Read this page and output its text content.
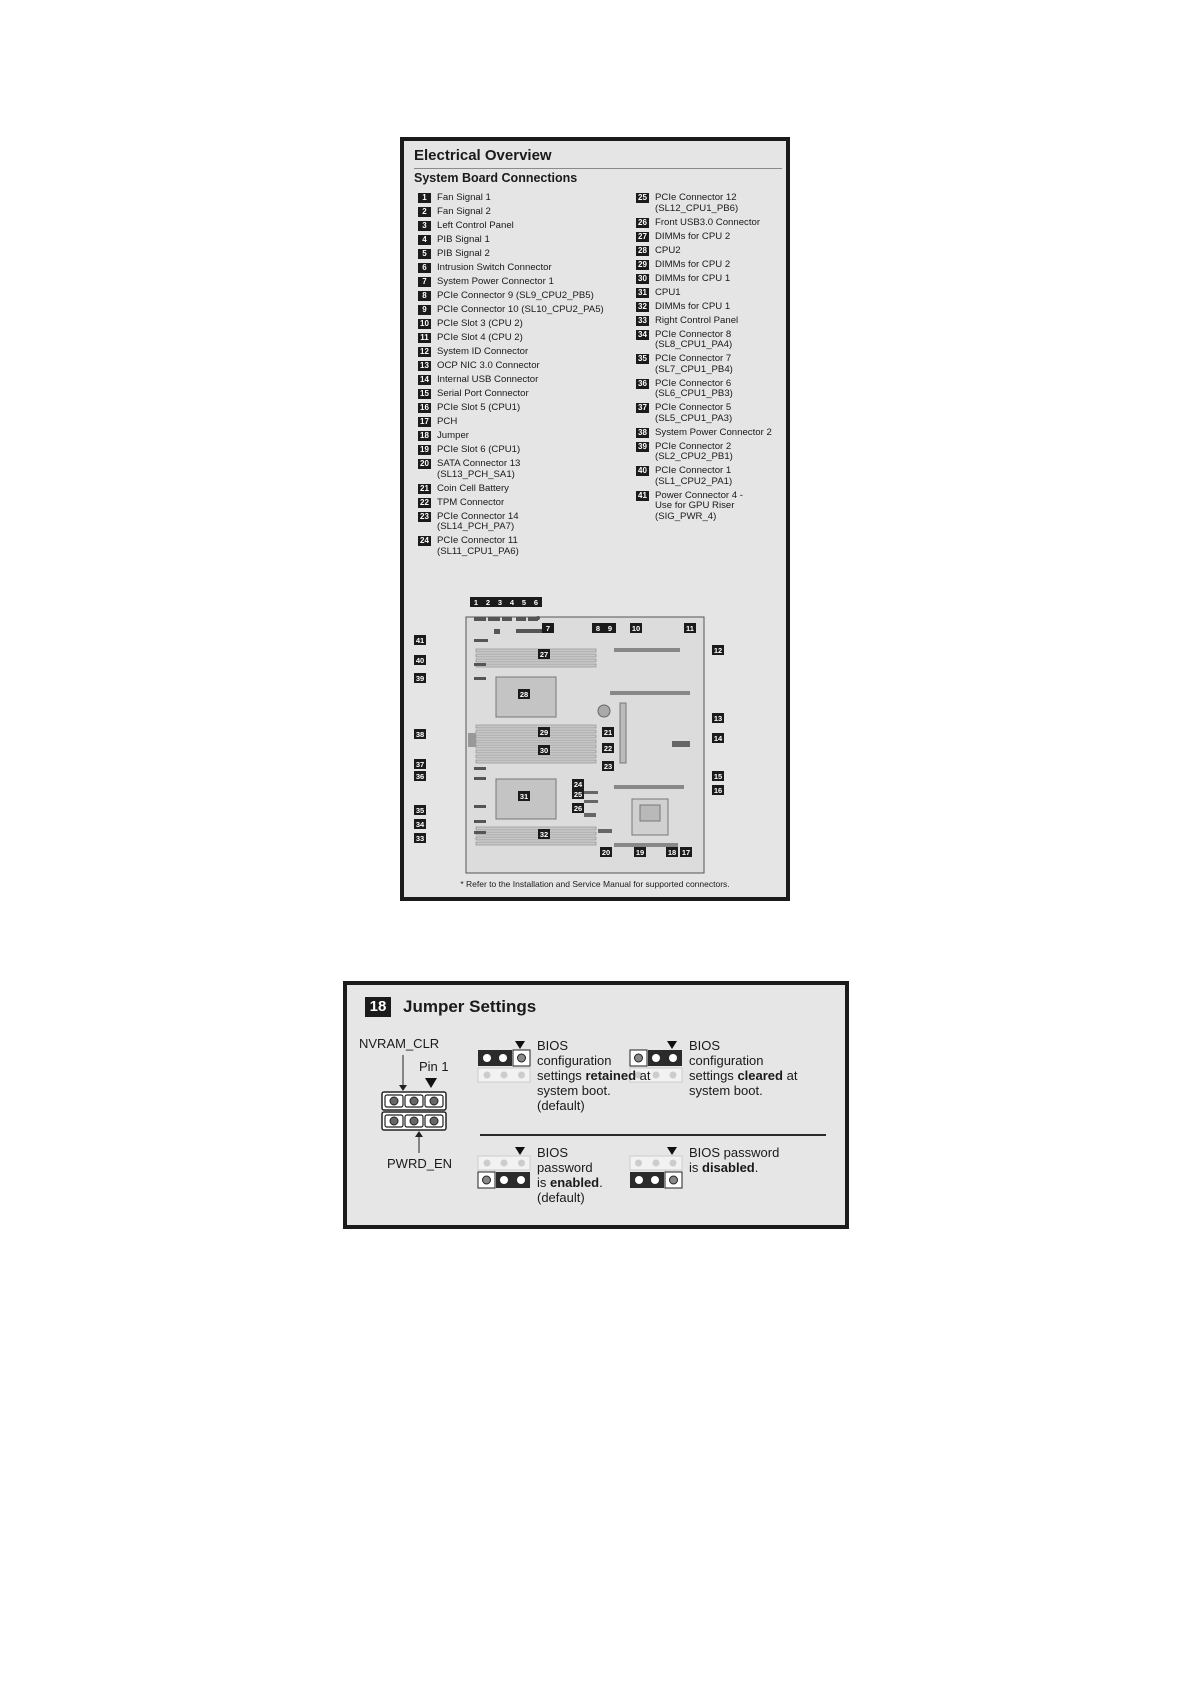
Electrical Overview
System Board Connections
1	Fan Signal 1
2	Fan Signal 2
3	Left Control Panel
4	PIB Signal 1
5	PIB Signal 2
6	Intrusion Switch Connector
7	System Power Connector 1
8	PCIe Connector 9 (SL9_CPU2_PB5)
9	PCIe Connector 10 (SL10_CPU2_PA5)
10 PCIe Slot 3 (CPU 2)
11 PCIe Slot 4 (CPU 2)
12 System ID Connector
13 OCP NIC 3.0 Connector
14 Internal USB Connector
15 Serial Port Connector
16 PCIe Slot 5 (CPU1)
17 PCH
18 Jumper
19 PCIe Slot 6 (CPU1)
20 SATA Connector 13
(SL13_PCH_SA1)
21 Coin Cell Battery
22 TPM Connector
23 PCIe Connector 14
(SL14_PCH_PA7)
24 PCIe Connector 11
(SL11_CPU1_PA6)
25 PCIe Connector 12
(SL12_CPU1_PB6)
26 Front USB3.0 Connector
27 DIMMs for CPU 2
28 CPU2
29 DIMMs for CPU 2
30 DIMMs for CPU 1
31 CPU1
32 DIMMs for CPU 1
33 Right Control Panel
34 PCIe Connector 8
(SL8_CPU1_PA4)
35 PCIe Connector 7
(SL7_CPU1_PB4)
36 PCIe Connector 6
(SL6_CPU1_PB3)
37 PCIe Connector 5
(SL5_CPU1_PA3)
38 System Power Connector 2
39 PCIe Connector 2
(SL2_CPU2_PB1)
40 PCIe Connector 1
(SL1_CPU2_PA1)
41 Power Connector 4 -
Use for GPU Riser
(SIG_PWR_4)
1 2 3 4 5 6
7	8 9	10	11
12
13
14
15
16
17
18
19
20
21
22
23
24
25
26
27
28
29
30
31
32
33
34
35
36
37
38
39
40
41
* Refer to the Installation and Service Manual for supported connectors.
18 Jumper Settings
NVRAM_CLR
Pin 1
PWRD_EN
BIOS
configuration
settings retained at
system boot.
(default)
BIOS
configuration
settings cleared at
system boot.
BIOS
password
is enabled.
(default)
BIOS password
is disabled.
